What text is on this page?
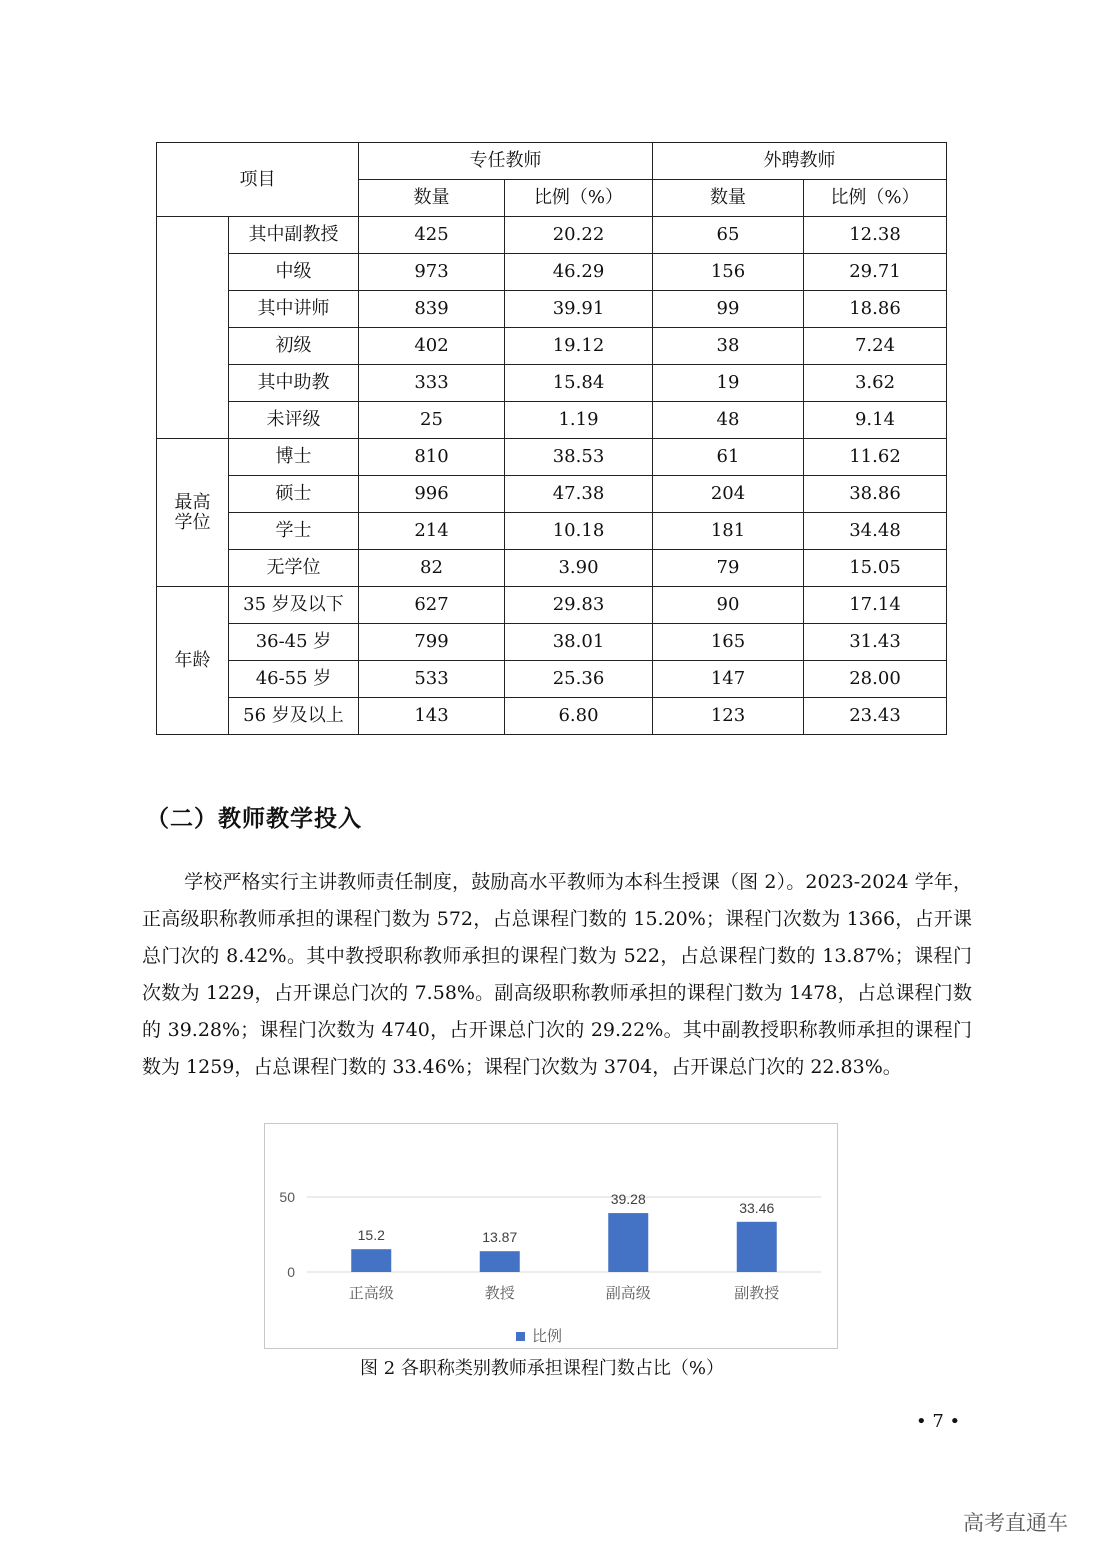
项目		专任教师		外聘教师	
		数量	比例（%）	数量	比例（%）
	其中副教授	425	20.22	65	12.38
	中级	973	46.29	156	29.71
	其中讲师	839	39.91	99	18.86
	初级	402	19.12	38	7.24
	其中助教	333	15.84	19	3.62
	未评级	25	1.19	48	9.14
最高学位	博士	810	38.53	61	11.62
	硕士	996	47.38	204	38.86
	学士	214	10.18	181	34.48
	无学位	82	3.90	79	15.05
年龄	35 岁及以下	627	29.83	90	17.14
	36-45 岁	799	38.01	165	31.43
	46-55 岁	533	25.36	147	28.00
	56 岁及以上	143	6.80	123	23.43
（二）教师教学投入

学校严格实行主讲教师责任制度，鼓励高水平教师为本科生授课（图 2）。2023-2024 学年，正高级职称教师承担的课程门数为 572，占总课程门数的 15.20%；课程门次数为 1366，占开课总门次的 8.42%。其中教授职称教师承担的课程门数为 522，占总课程门数的 13.87%；课程门次数为 1229，占开课总门次的 7.58%。副高级职称教师承担的课程门数为 1478，占总课程门数的 39.28%；课程门次数为 4740，占开课总门次的 29.22%。其中副教授职称教师承担的课程门数为 1259，占总课程门数的 33.46%；课程门次数为 3704，占开课总门次的 22.83%。

0
50
15.2
正高级
13.87
教授
39.28
副高级
33.46
副教授
比例
图 2 各职称类别教师承担课程门数占比（%）
• 7 •
高考直通车
